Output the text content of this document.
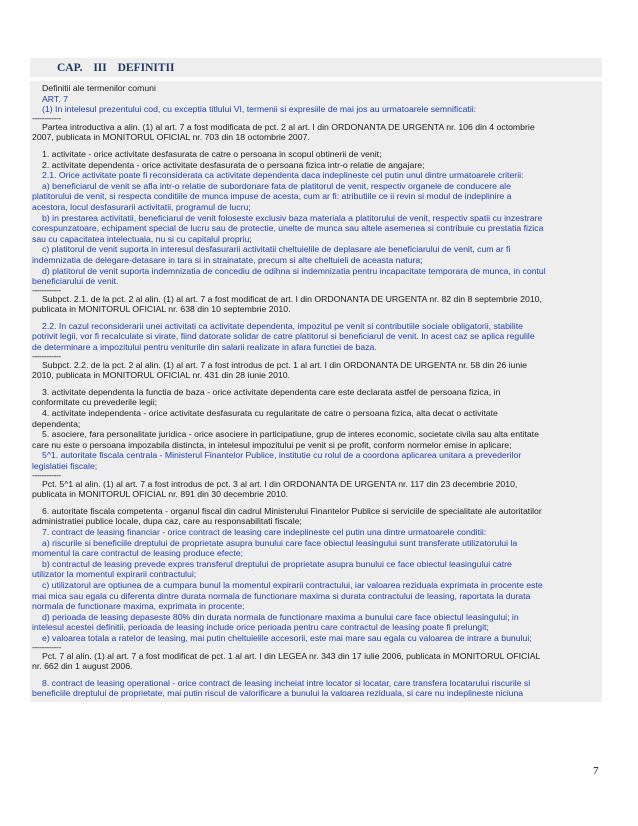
CAP. III DEFINITII
Definitii ale termenilor comuni
ART. 7
(1) In intelesul prezentului cod, cu exceptia titlului VI, termenii si expresiile de mai jos au urmatoarele semnificatii:
------------
Partea introductiva a alin. (1) al art. 7 a fost modificata de pct. 2 al art. I din ORDONANTA DE URGENTA nr. 106 din 4 octombrie
2007, publicata in MONITORUL OFICIAL nr. 703 din 18 octombrie 2007.
1. activitate - orice activitate desfasurata de catre o persoana in scopul obtinerii de venit;
2. activitate dependenta - orice activitate desfasurata de o persoana fizica intr-o relatie de angajare;
2.1. Orice activitate poate fi reconsiderata ca activitate dependenta daca indeplineste cel putin unul dintre urmatoarele criterii:
a) beneficiarul de venit se afla intr-o relatie de subordonare fata de platitorul de venit, respectiv organele de conducere ale
platitorului de venit, si respecta conditiile de munca impuse de acesta, cum ar fi: atributiile ce ii revin si modul de indeplinire a
acestora, locul desfasurarii activitatii, programul de lucru;
b) in prestarea activitatii, beneficiarul de venit foloseste exclusiv baza materiala a platitorului de venit, respectiv spatii cu inzestrare
corespunzatoare, echipament special de lucru sau de protectie, unelte de munca sau altele asemenea si contribuie cu prestatia fizica
sau cu capacitatea intelectuala, nu si cu capitalul propriu;
c) platitorul de venit suporta in interesul desfasurarii activitatii cheltuielile de deplasare ale beneficiarului de venit, cum ar fi
indemnizatia de delegare-detasare in tara si in strainatate, precum si alte cheltuieli de aceasta natura;
d) platitorul de venit suporta indemnizatia de concediu de odihna si indemnizatia pentru incapacitate temporara de munca, in contul
beneficiarului de venit.
------------
Subpct. 2.1. de la pct. 2 al alin. (1) al art. 7 a fost modificat de art. I din ORDONANTA DE URGENTA nr. 82 din 8 septembrie 2010,
publicata in MONITORUL OFICIAL nr. 638 din 10 septembrie 2010.
2.2. In cazul reconsiderarii unei activitati ca activitate dependenta, impozitul pe venit si contributiile sociale obligatorii, stabilite
potrivit legii, vor fi recalculate si virate, fiind datorate solidar de catre platitorul si beneficiarul de venit. In acest caz se aplica regulile
de determinare a impozitului pentru veniturile din salarii realizate in afara functiei de baza.
------------
Subpct. 2.2. de la pct. 2 al alin. (1) al art. 7 a fost introdus de pct. 1 al art. I din ORDONANTA DE URGENTA nr. 58 din 26 iunie
2010, publicata in MONITORUL OFICIAL nr. 431 din 28 iunie 2010.
3. activitate dependenta la functia de baza - orice activitate dependenta care este declarata astfel de persoana fizica, in
conformitate cu prevederile legii;
4. activitate independenta - orice activitate desfasurata cu regularitate de catre o persoana fizica, alta decat o activitate
dependenta;
5. asociere, fara personalitate juridica - orice asociere in participatiune, grup de interes economic, societate civila sau alta entitate
care nu este o persoana impozabila distincta, in intelesul impozitului pe venit si pe profit, conform normelor emise in aplicare;
5^1. autoritate fiscala centrala - Ministerul Finantelor Publice, institutie cu rolul de a coordona aplicarea unitara a prevederilor
legislatiei fiscale;
------------
Pct. 5^1 al alin. (1) al art. 7 a fost introdus de pct. 3 al art. I din ORDONANTA DE URGENTA nr. 117 din 23 decembrie 2010,
publicata in MONITORUL OFICIAL nr. 891 din 30 decembrie 2010.
6. autoritate fiscala competenta - organul fiscal din cadrul Ministerului Finantelor Publice si serviciile de specialitate ale autoritatilor
administratiei publice locale, dupa caz, care au responsabilitati fiscale;
7. contract de leasing financiar - orice contract de leasing care indeplineste cel putin una dintre urmatoarele conditii:
a) riscurile si beneficiile dreptului de proprietate asupra bunului care face obiectul leasingului sunt transferate utilizatorului la
momentul la care contractul de leasing produce efecte;
b) contractul de leasing prevede expres transferul dreptului de proprietate asupra bunului ce face obiectul leasingului catre
utilizator la momentul expirarii contractului;
c) utilizatorul are optiunea de a cumpara bunul la momentul expirarii contractului, iar valoarea reziduala exprimata in procente este
mai mica sau egala cu diferenta dintre durata normala de functionare maxima si durata contractului de leasing, raportata la durata
normala de functionare maxima, exprimata in procente;
d) perioada de leasing depaseste 80% din durata normala de functionare maxima a bunului care face obiectul leasingului; in
intelesul acestei definitii, perioada de leasing include orice perioada pentru care contractul de leasing poate fi prelungit;
e) valoarea totala a ratelor de leasing, mai putin cheltuielile accesorii, este mai mare sau egala cu valoarea de intrare a bunului;
------------
Pct. 7 al alin. (1) al art. 7 a fost modificat de pct. 1 al art. I din LEGEA nr. 343 din 17 iulie 2006, publicata in MONITORUL OFICIAL
nr. 662 din 1 august 2006.
8. contract de leasing operational - orice contract de leasing incheiat intre locator si locatar, care transfera locatarului riscurile si
beneficiile dreptului de proprietate, mai putin riscul de valorificare a bunului la valoarea reziduala, si care nu indeplineste niciuna
7
